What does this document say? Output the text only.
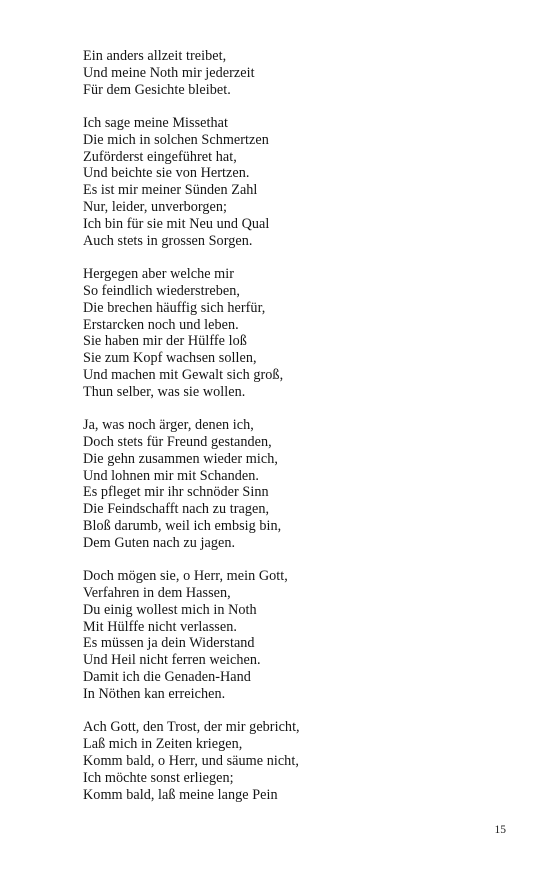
Ein anders allzeit treibet,
Und meine Noth mir jederzeit
Für dem Gesichte bleibet.
Ich sage meine Missethat
Die mich in solchen Schmertzen
Zuförderst eingeführet hat,
Und beichte sie von Hertzen.
Es ist mir meiner Sünden Zahl
Nur, leider, unverborgen;
Ich bin für sie mit Neu und Qual
Auch stets in grossen Sorgen.
Hergegen aber welche mir
So feindlich wiederstreben,
Die brechen häuffig sich herfür,
Erstarcken noch und leben.
Sie haben mir der Hülffe loß
Sie zum Kopf wachsen sollen,
Und machen mit Gewalt sich groß,
Thun selber, was sie wollen.
Ja, was noch ärger, denen ich,
Doch stets für Freund gestanden,
Die gehn zusammen wieder mich,
Und lohnen mir mit Schanden.
Es pfleget mir ihr schnöder Sinn
Die Feindschafft nach zu tragen,
Bloß darumb, weil ich embsig bin,
Dem Guten nach zu jagen.
Doch mögen sie, o Herr, mein Gott,
Verfahren in dem Hassen,
Du einig wollest mich in Noth
Mit Hülffe nicht verlassen.
Es müssen ja dein Widerstand
Und Heil nicht ferren weichen.
Damit ich die Genaden-Hand
In Nöthen kan erreichen.
Ach Gott, den Trost, der mir gebricht,
Laß mich in Zeiten kriegen,
Komm bald, o Herr, und säume nicht,
Ich möchte sonst erliegen;
Komm bald, laß meine lange Pein
15
